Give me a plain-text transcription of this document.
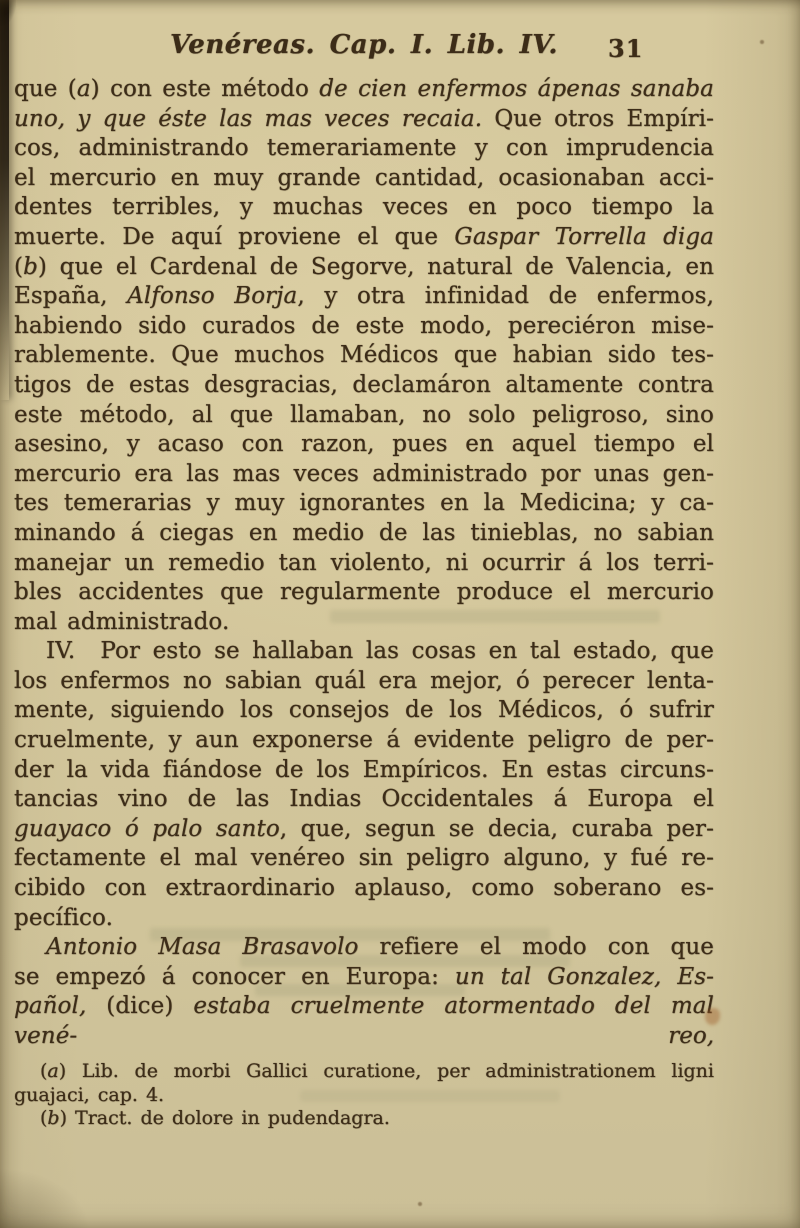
Venéreas. Cap. I. Lib. IV. 31
que (a) con este método de cien enfermos ápenas sanaba
uno, y que éste las mas veces recaia. Que otros Empíri-
cos, administrando temerariamente y con imprudencia
el mercurio en muy grande cantidad, ocasionaban acci-
dentes terribles, y muchas veces en poco tiempo la
muerte. De aquí proviene el que Gaspar Torrella diga
(b) que el Cardenal de Segorve, natural de Valencia, en
España, Alfonso Borja, y otra infinidad de enfermos,
habiendo sido curados de este modo, pereciéron mise-
rablemente. Que muchos Médicos que habian sido tes-
tigos de estas desgracias, declamáron altamente contra
este método, al que llamaban, no solo peligroso, sino
asesino, y acaso con razon, pues en aquel tiempo el
mercurio era las mas veces administrado por unas gen-
tes temerarias y muy ignorantes en la Medicina; y ca-
minando á ciegas en medio de las tinieblas, no sabian
manejar un remedio tan violento, ni ocurrir á los terri-
bles accidentes que regularmente produce el mercurio
mal administrado.
IV.  Por esto se hallaban las cosas en tal estado, que
los enfermos no sabian quál era mejor, ó perecer lenta-
mente, siguiendo los consejos de los Médicos, ó sufrir
cruelmente, y aun exponerse á evidente peligro de per-
der la vida fiándose de los Empíricos. En estas circuns-
tancias vino de las Indias Occidentales á Europa el
guayaco ó palo santo, que, segun se decia, curaba per-
fectamente el mal venéreo sin peligro alguno, y fué re-
cibido con extraordinario aplauso, como soberano es-
pecífico.
Antonio Masa Brasavolo refiere el modo con que
se empezó á conocer en Europa: un tal Gonzalez, Es-
pañol, (dice) estaba cruelmente atormentado del mal vené-	reo,
(a) Lib. de morbi Gallici curatione, per administrationem ligni
guajaci, cap. 4.
(b) Tract. de dolore in pudendagra.
